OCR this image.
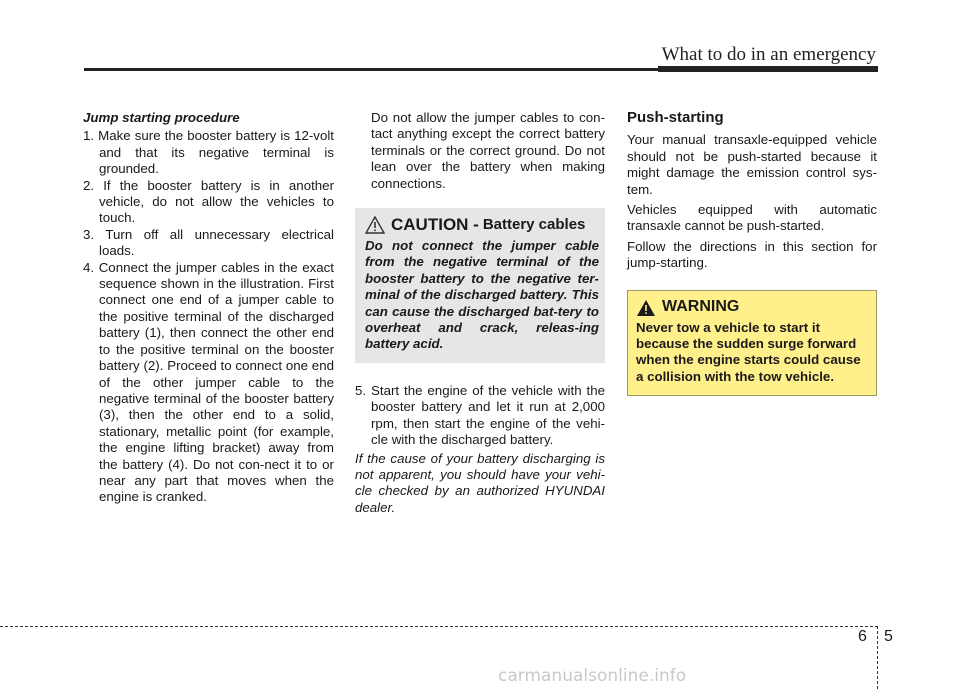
What to do in an emergency

Jump starting procedure

1. Make sure the booster battery is 12-volt and that its negative terminal is grounded.
2. If the booster battery is in another vehicle, do not allow the vehicles to touch.
3. Turn off all unnecessary electrical loads.
4. Connect the jumper cables in the exact sequence shown in the illustration. First connect one end of a jumper cable to the positive terminal of the discharged battery (1), then connect the other end to the positive terminal on the booster battery (2). Proceed to connect one end of the other jumper cable to the negative terminal of the booster battery (3), then the other end to a solid, stationary, metallic point (for example, the engine lifting bracket) away from the battery (4). Do not con-nect it to or near any part that moves when the engine is cranked.

Do not allow the jumper cables to con-tact anything except the correct battery terminals or the correct ground. Do not lean over the battery when making connections.

CAUTION - Battery cables
Do not connect the jumper cable from the negative terminal of the booster battery to the negative ter-minal of the discharged battery. This can cause the discharged bat-tery to overheat and crack, releas-ing battery acid.
5. Start the engine of the vehicle with the booster battery and let it run at 2,000 rpm, then start the engine of the vehi-cle with the discharged battery.

If the cause of your battery discharging is not apparent, you should have your vehi-cle checked by an authorized HYUNDAI dealer.

Push-starting

Your manual transaxle-equipped vehicle should not be push-started because it might damage the emission control sys-tem.

Vehicles equipped with automatic transaxle cannot be push-started.

Follow the directions in this section for jump-starting.

WARNING
Never tow a vehicle to start it because the sudden surge forward when the engine starts could cause a collision with the tow vehicle.
6 5
carmanualsonline.info
